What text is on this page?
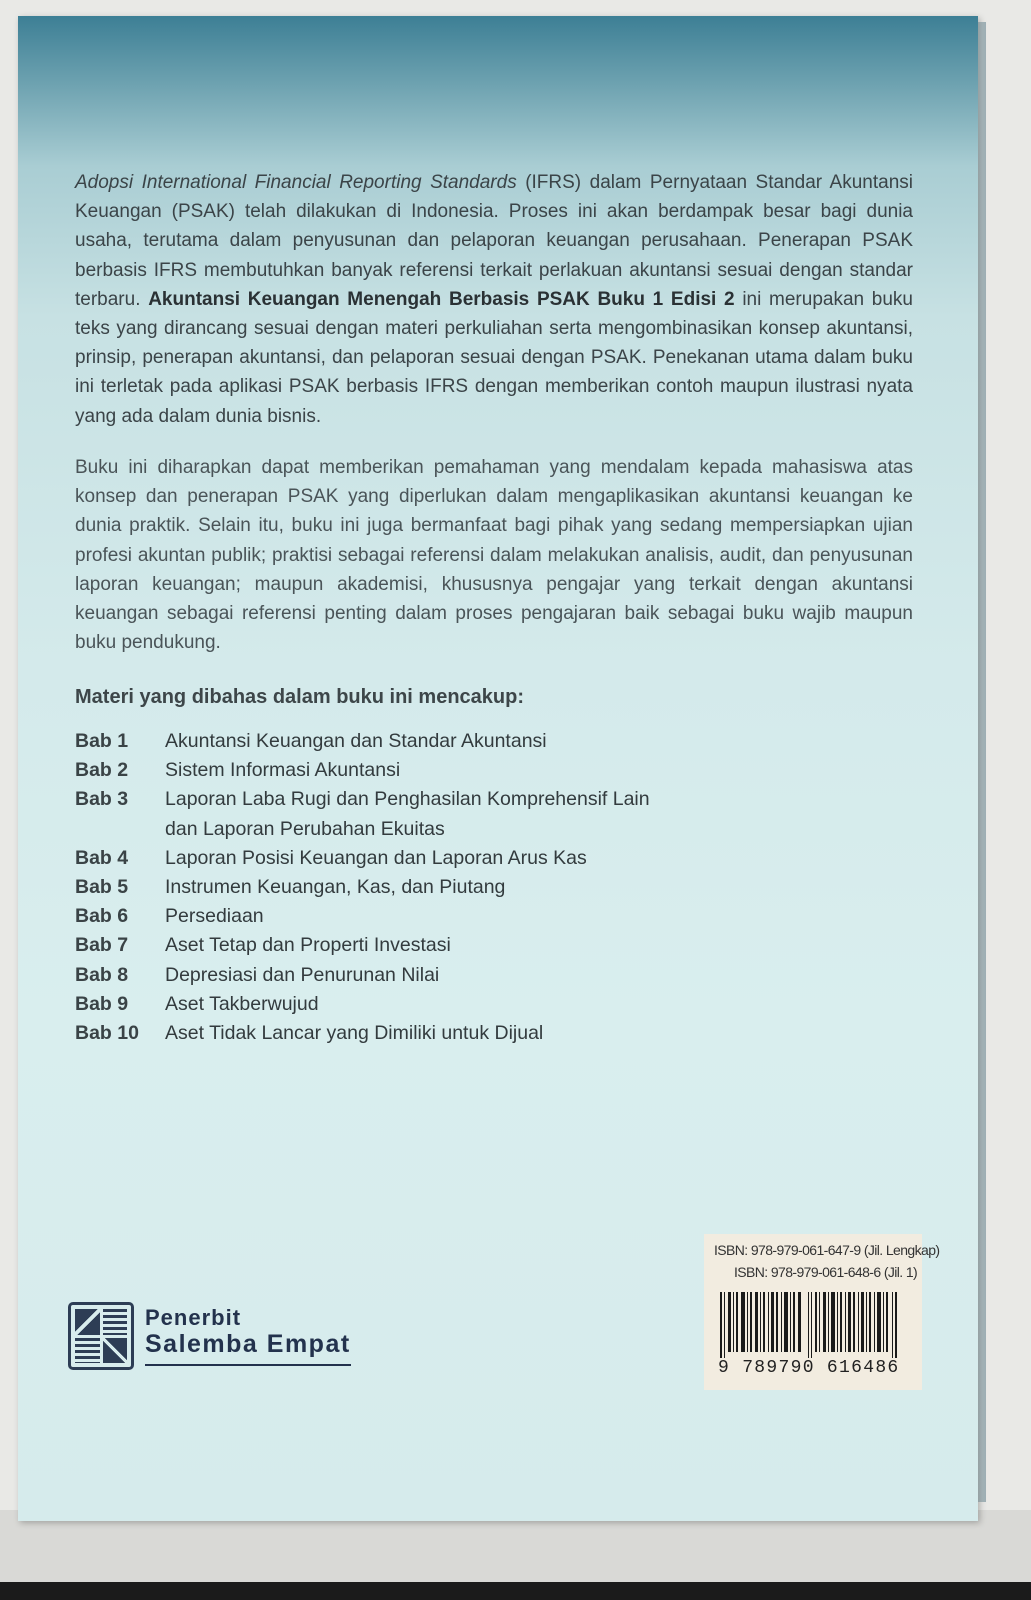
Adopsi International Financial Reporting Standards (IFRS) dalam Pernyataan Standar Akuntansi Keuangan (PSAK) telah dilakukan di Indonesia. Proses ini akan berdampak besar bagi dunia usaha, terutama dalam penyusunan dan pelaporan keuangan perusahaan. Penerapan PSAK berbasis IFRS membutuhkan banyak referensi terkait perlakuan akuntansi sesuai dengan standar terbaru. Akuntansi Keuangan Menengah Berbasis PSAK Buku 1 Edisi 2 ini merupakan buku teks yang dirancang sesuai dengan materi perkuliahan serta mengombinasikan konsep akuntansi, prinsip, penerapan akuntansi, dan pelaporan sesuai dengan PSAK. Penekanan utama dalam buku ini terletak pada aplikasi PSAK berbasis IFRS dengan memberikan contoh maupun ilustrasi nyata yang ada dalam dunia bisnis.

Buku ini diharapkan dapat memberikan pemahaman yang mendalam kepada mahasiswa atas konsep dan penerapan PSAK yang diperlukan dalam mengaplikasikan akuntansi keuangan ke dunia praktik. Selain itu, buku ini juga bermanfaat bagi pihak yang sedang mempersiapkan ujian profesi akuntan publik; praktisi sebagai referensi dalam melakukan analisis, audit, dan penyusunan laporan keuangan; maupun akademisi, khususnya pengajar yang terkait dengan akuntansi keuangan sebagai referensi penting dalam proses pengajaran baik sebagai buku wajib maupun buku pendukung.

Materi yang dibahas dalam buku ini mencakup:
Bab 1	Akuntansi Keuangan dan Standar Akuntansi
Bab 2	Sistem Informasi Akuntansi
Bab 3	Laporan Laba Rugi dan Penghasilan Komprehensif Lain
dan Laporan Perubahan Ekuitas
Bab 4	Laporan Posisi Keuangan dan Laporan Arus Kas
Bab 5	Instrumen Keuangan, Kas, dan Piutang
Bab 6	Persediaan
Bab 7	Aset Tetap dan Properti Investasi
Bab 8	Depresiasi dan Penurunan Nilai
Bab 9	Aset Takberwujud
Bab 10	Aset Tidak Lancar yang Dimiliki untuk Dijual
Penerbit
Salemba Empat
ISBN: 978-979-061-647-9 (Jil. Lengkap)
ISBN: 978-979-061-648-6 (Jil. 1)
9 789790 616486
